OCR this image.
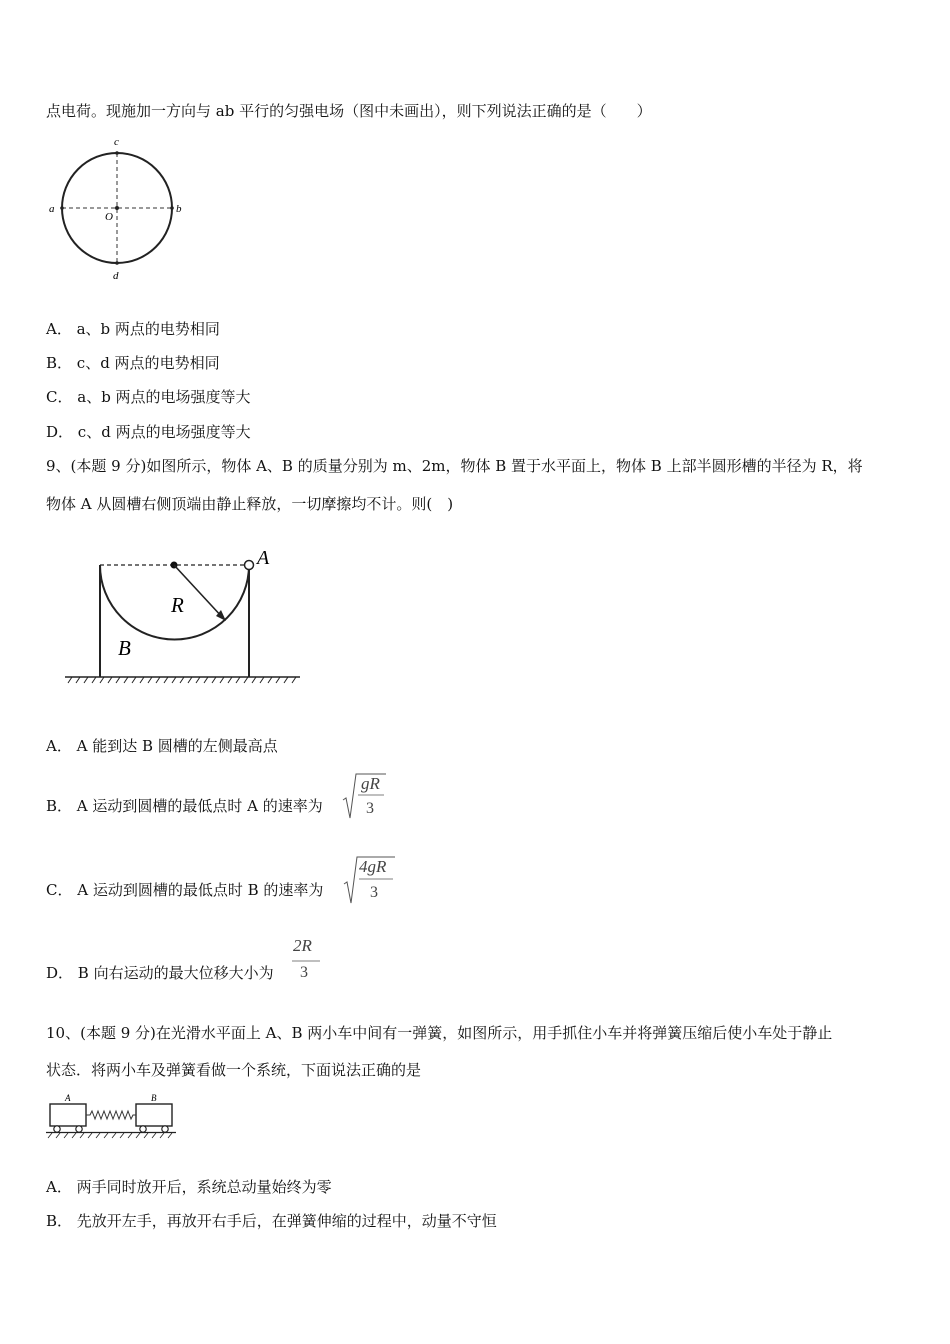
点电荷。现施加一方向与 ab 平行的匀强电场（图中未画出），则下列说法正确的是（　　）
c
a
O
b
d
A． a、b 两点的电势相同
B． c、d 两点的电势相同
C． a、b 两点的电场强度等大
D． c、d 两点的电场强度等大
9、(本题 9 分)如图所示，物体 A、B 的质量分别为 m、2m，物体 B 置于水平面上，物体 B 上部半圆形槽的半径为 R，将
物体 A 从圆槽右侧顶端由静止释放，一切摩擦均不计。则(　)
A
R
B
A． A 能到达 B 圆槽的左侧最高点
B． A 运动到圆槽的最低点时 A 的速率为
gR
3
C． A 运动到圆槽的最低点时 B 的速率为
4gR
3
D． B 向右运动的最大位移大小为
2R
3
10、(本题 9 分)在光滑水平面上 A、B 两小车中间有一弹簧，如图所示，用手抓住小车并将弹簧压缩后使小车处于静止
状态．将两小车及弹簧看做一个系统，下面说法正确的是
A	B
A． 两手同时放开后，系统总动量始终为零
B． 先放开左手，再放开右手后，在弹簧伸缩的过程中，动量不守恒
